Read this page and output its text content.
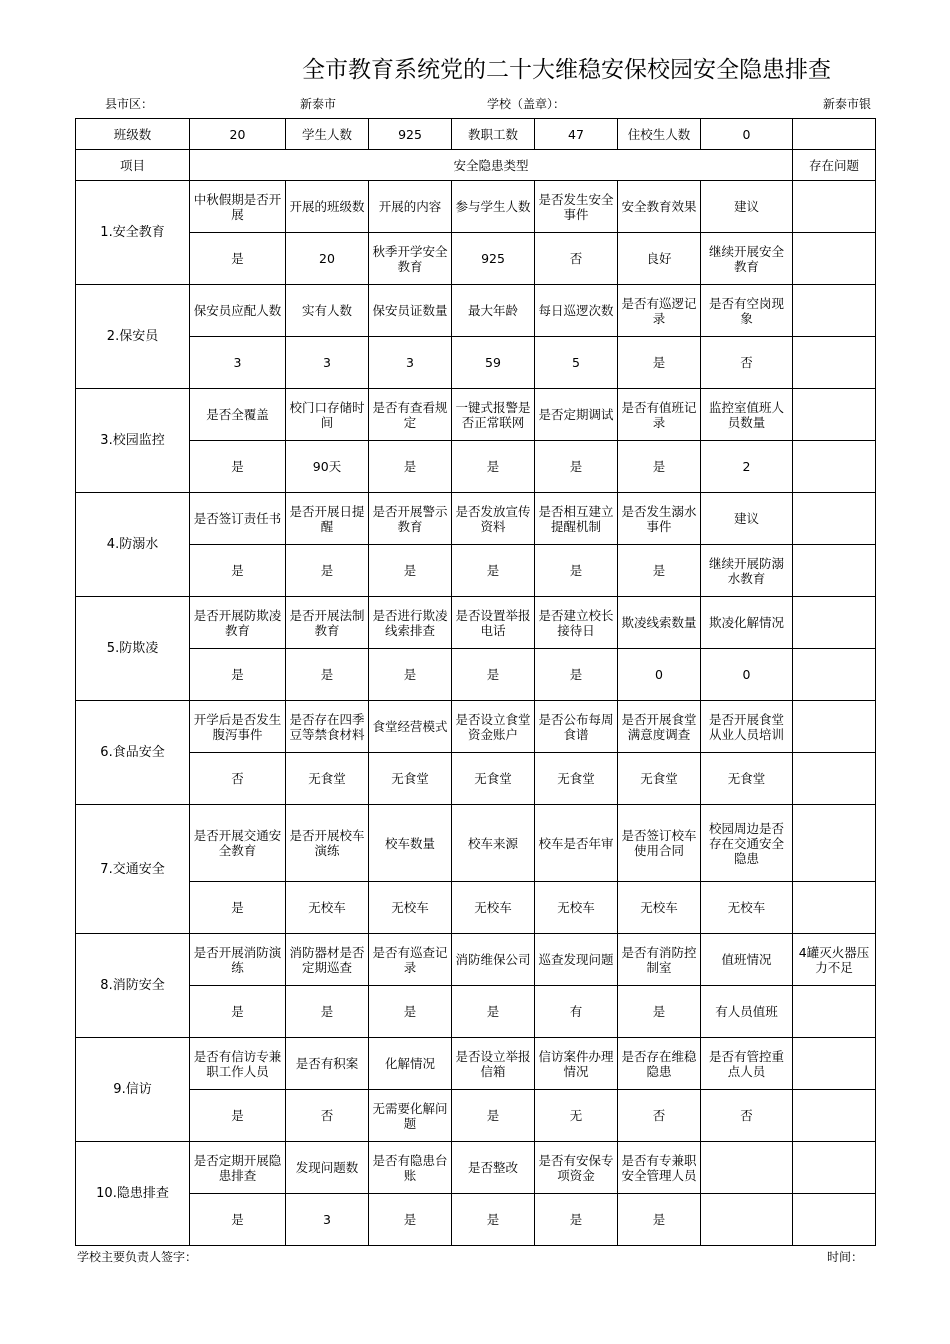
全市教育系统党的二十大维稳安保校园安全隐患排查
县市区：	新泰市	学校（盖章）：	新泰市银
班级数	20	学生人数	925	教职工数	47	住校生人数	0	
项目	安全隐患类型							存在问题
1.安全教育	中秋假期是否开展	开展的班级数	开展的内容	参与学生人数	是否发生安全事件	安全教育效果	建议	
	是	20	秋季开学安全教育	925	否	良好	继续开展安全教育	
2.保安员	保安员应配人数	实有人数	保安员证数量	最大年龄	每日巡逻次数	是否有巡逻记录	是否有空岗现象	
	3	3	3	59	5	是	否	
3.校园监控	是否全覆盖	校门口存储时间	是否有查看规定	一键式报警是否正常联网	是否定期调试	是否有值班记录	监控室值班人员数量	
	是	90天	是	是	是	是	2	
4.防溺水	是否签订责任书	是否开展日提醒	是否开展警示教育	是否发放宣传资料	是否相互建立提醒机制	是否发生溺水事件	建议	
	是	是	是	是	是	是	继续开展防溺水教育	
5.防欺凌	是否开展防欺凌教育	是否开展法制教育	是否进行欺凌线索排查	是否设置举报电话	是否建立校长接待日	欺凌线索数量	欺凌化解情况	
	是	是	是	是	是	0	0	
6.食品安全	开学后是否发生腹泻事件	是否存在四季豆等禁食材料	食堂经营模式	是否设立食堂资金账户	是否公布每周食谱	是否开展食堂满意度调查	是否开展食堂从业人员培训	
	否	无食堂	无食堂	无食堂	无食堂	无食堂	无食堂	
7.交通安全	是否开展交通安全教育	是否开展校车演练	校车数量	校车来源	校车是否年审	是否签订校车使用合同	校园周边是否存在交通安全隐患	
	是	无校车	无校车	无校车	无校车	无校车	无校车	
8.消防安全	是否开展消防演练	消防器材是否定期巡查	是否有巡查记录	消防维保公司	巡查发现问题	是否有消防控制室	值班情况	4罐灭火器压力不足
	是	是	是	是	有	是	有人员值班	
9.信访	是否有信访专兼职工作人员	是否有积案	化解情况	是否设立举报信箱	信访案件办理情况	是否存在维稳隐患	是否有管控重点人员	
	是	否	无需要化解问题	是	无	否	否	
10.隐患排查	是否定期开展隐患排查	发现问题数	是否有隐患台账	是否整改	是否有安保专项资金	是否有专兼职安全管理人员		
	是	3	是	是	是	是		
学校主要负责人签字：	时间：
